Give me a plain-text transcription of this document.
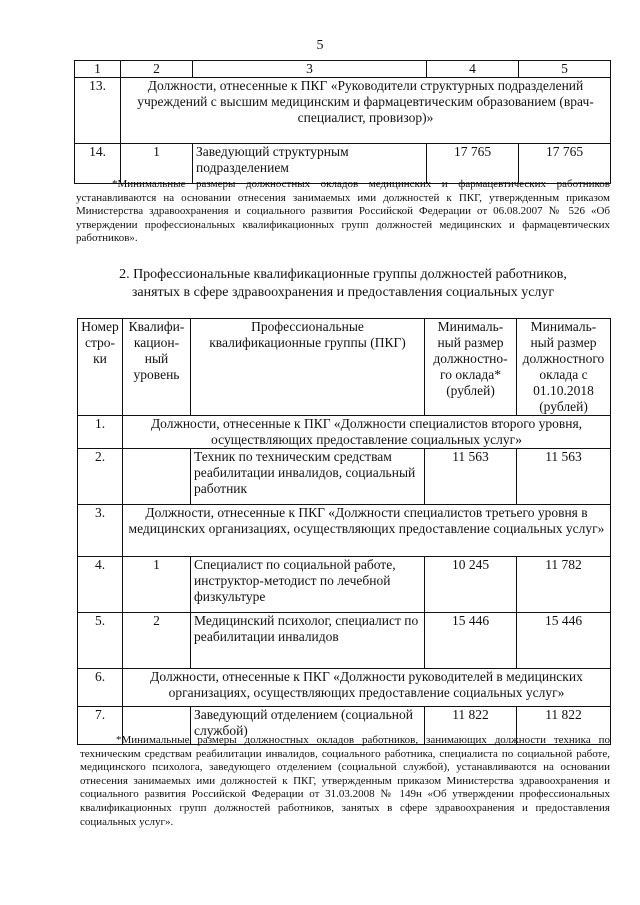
5
1	2	3	4	5
13.	Должности, отнесенные к ПКГ «Руководители структурных подразделений учреждений с высшим медицинским и фармацевтическим образованием (врач-специалист, провизор)»			
14.	1	Заведующий структурным подразделением	17 765	17 765
*Минимальные размеры должностных окладов медицинских и фармацевтических работников устанавливаются на основании отнесения занимаемых ими должностей к ПКГ, утвержденным приказом Министерства здравоохранения и социального развития Российской Федерации от 06.08.2007 № 526 «Об утверждении профессиональных квалификационных групп должностей медицинских и фармацевтических работников».
2. Профессиональные квалификационные группы должностей работников,
занятых в сфере здравоохранения и предоставления социальных услуг
Номер стро-ки	Квалифи-кацион-ный уровень	Профессиональные квалификационные группы (ПКГ)	Минималь-ный размер должностно-го оклада* (рублей)	Минималь-ный размер должностного оклада с 01.10.2018 (рублей)
1.	Должности, отнесенные к ПКГ «Должности специалистов второго уровня, осуществляющих предоставление социальных услуг»			
2.		Техник по техническим средствам реабилитации инвалидов, социальный работник	11 563	11 563
3.	Должности, отнесенные к ПКГ «Должности специалистов третьего уровня в медицинских организациях, осуществляющих предоставление социальных услуг»			
4.	1	Специалист по социальной работе, инструктор-методист по лечебной физкультуре	10 245	11 782
5.	2	Медицинский психолог, специалист по реабилитации инвалидов	15 446	15 446
6.	Должности, отнесенные к ПКГ «Должности руководителей в медицинских организациях, осуществляющих предоставление социальных услуг»			
7.		Заведующий отделением (социальной службой)	11 822	11 822
*Минимальные размеры должностных окладов работников, занимающих должности техника по техническим средствам реабилитации инвалидов, социального работника, специалиста по социальной работе, медицинского психолога, заведующего отделением (социальной службой), устанавливаются на основании отнесения занимаемых ими должностей к ПКГ, утвержденным приказом Министерства здравоохранения и социального развития Российской Федерации от 31.03.2008 № 149н «Об утверждении профессиональных квалификационных групп должностей работников, занятых в сфере здравоохранения и предоставления социальных услуг».
